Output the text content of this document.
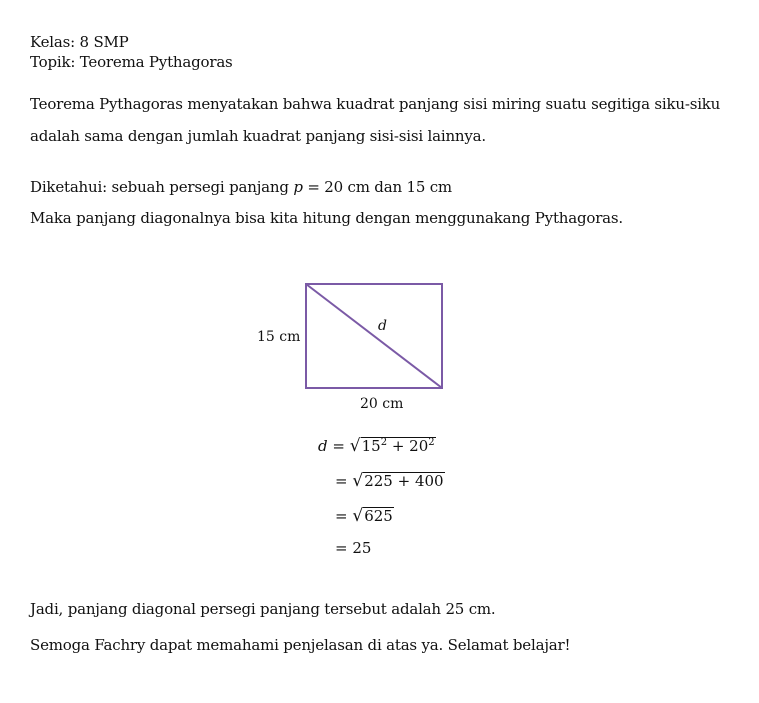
Kelas: 8 SMP
Topik: Teorema Pythagoras
Teorema Pythagoras menyatakan bahwa kuadrat panjang sisi miring suatu segitiga siku-siku
adalah sama dengan jumlah kuadrat panjang sisi-sisi lainnya.
Diketahui: sebuah persegi panjang p = 20 cm dan 15 cm
Maka panjang diagonalnya bisa kita hitung dengan menggunakang Pythagoras.
15 cm
20 cm
d
$d = √15^2 + 20^2$
= √225 + 400
= √625
= 25
Jadi, panjang diagonal persegi panjang tersebut adalah 25 cm.
Semoga Fachry dapat memahami penjelasan di atas ya. Selamat belajar!
